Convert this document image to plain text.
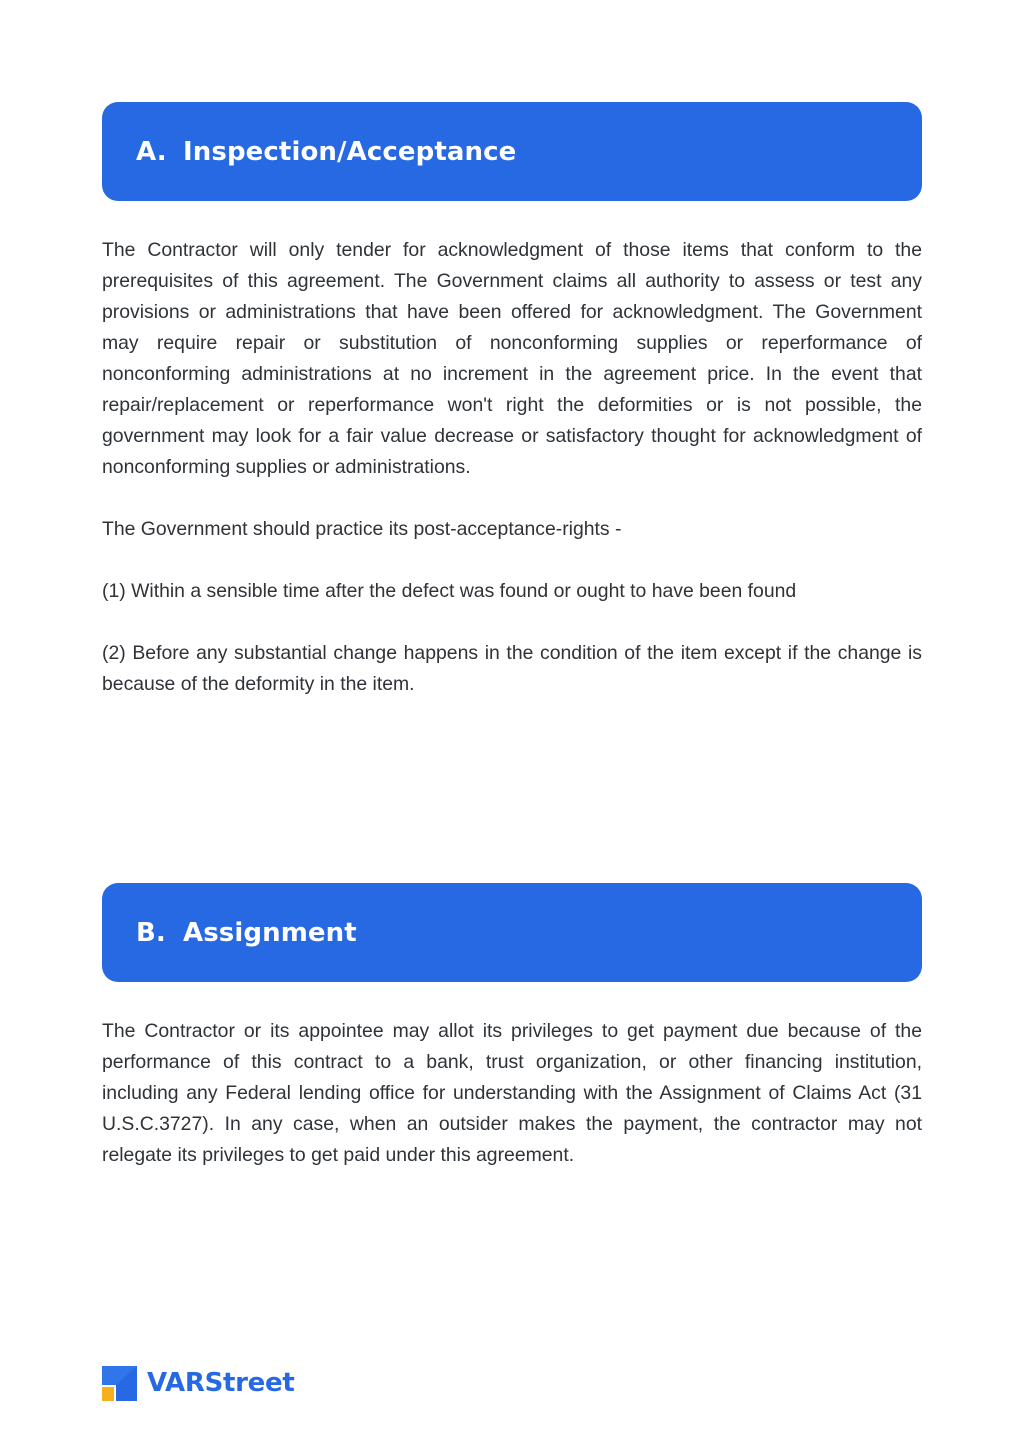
A. Inspection/Acceptance

The Contractor will only tender for acknowledgment of those items that conform to the prerequisites of this agreement. The Government claims all authority to assess or test any provisions or administrations that have been offered for acknowledgment. The Government may require repair or substitution of nonconforming supplies or reperformance of nonconforming administrations at no increment in the agreement price. In the event that repair/replacement or reperformance won't right the deformities or is not possible, the government may look for a fair value decrease or satisfactory thought for acknowledgment of nonconforming supplies or administrations.

The Government should practice its post-acceptance-rights -

(1) Within a sensible time after the defect was found or ought to have been found

(2) Before any substantial change happens in the condition of the item except if the change is because of the deformity in the item.

B. Assignment

The Contractor or its appointee may allot its privileges to get payment due because of the performance of this contract to a bank, trust organization, or other financing institution, including any Federal lending office for understanding with the Assignment of Claims Act (31 U.S.C.3727). In any case, when an outsider makes the payment, the contractor may not relegate its privileges to get paid under this agreement.

VARStreet
